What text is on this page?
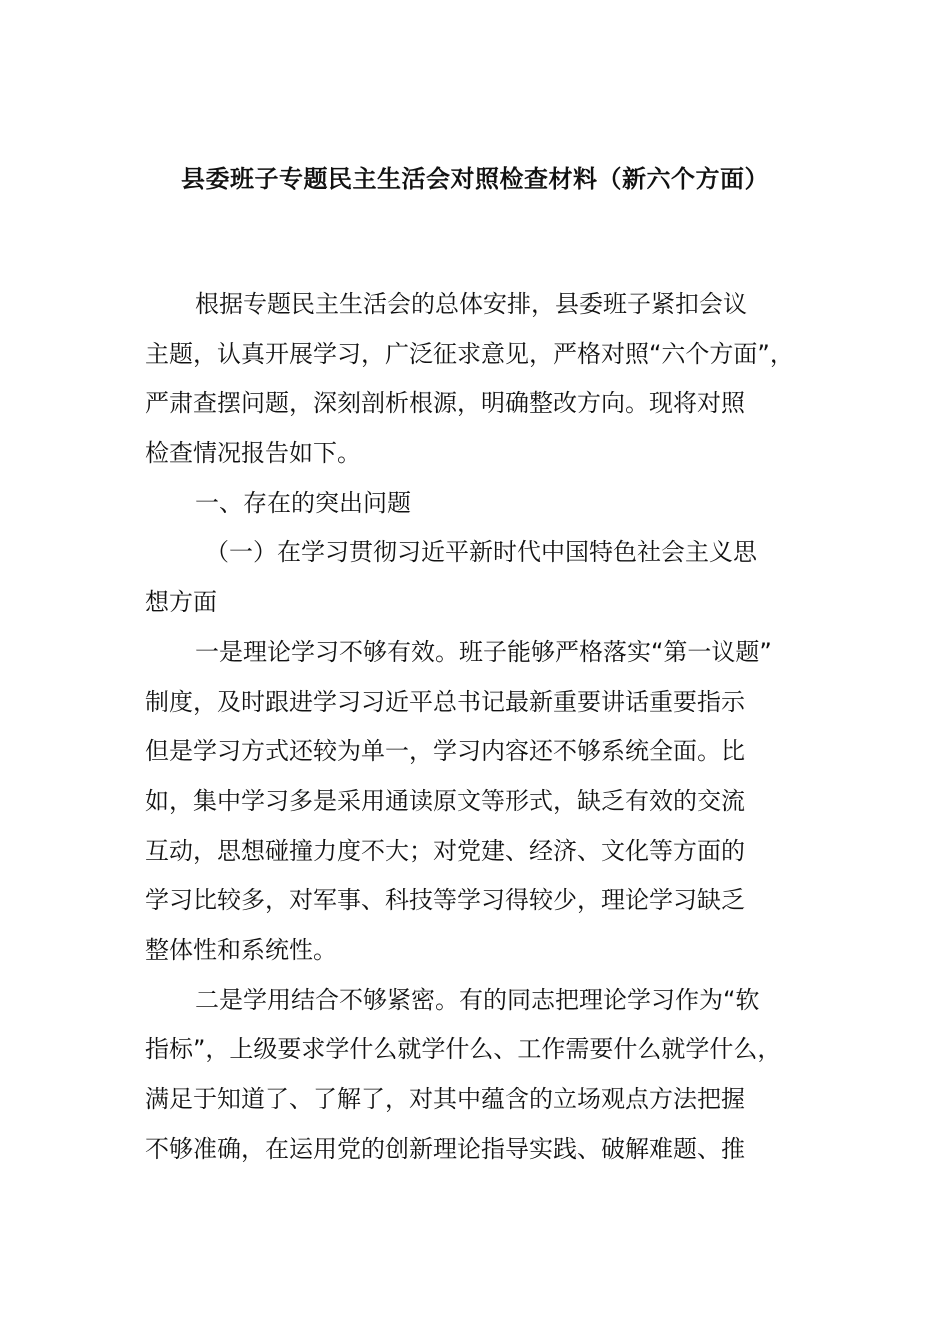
县委班子专题民主生活会对照检查材料（新六个方面）
根据专题民主生活会的总体安排，县委班子紧扣会议
主题，认真开展学习，广泛征求意见，严格对照“六个方面”，
严肃查摆问题，深刻剖析根源，明确整改方向。现将对照
检查情况报告如下。
一、存在的突出问题
（一）在学习贯彻习近平新时代中国特色社会主义思
想方面
一是理论学习不够有效。班子能够严格落实“第一议题”
制度，及时跟进学习习近平总书记最新重要讲话重要指示
但是学习方式还较为单一，学习内容还不够系统全面。比
如，集中学习多是采用通读原文等形式，缺乏有效的交流
互动，思想碰撞力度不大；对党建、经济、文化等方面的
学习比较多，对军事、科技等学习得较少，理论学习缺乏
整体性和系统性。
二是学用结合不够紧密。有的同志把理论学习作为“软
指标”，上级要求学什么就学什么、工作需要什么就学什么，
满足于知道了、了解了，对其中蕴含的立场观点方法把握
不够准确，在运用党的创新理论指导实践、破解难题、推
